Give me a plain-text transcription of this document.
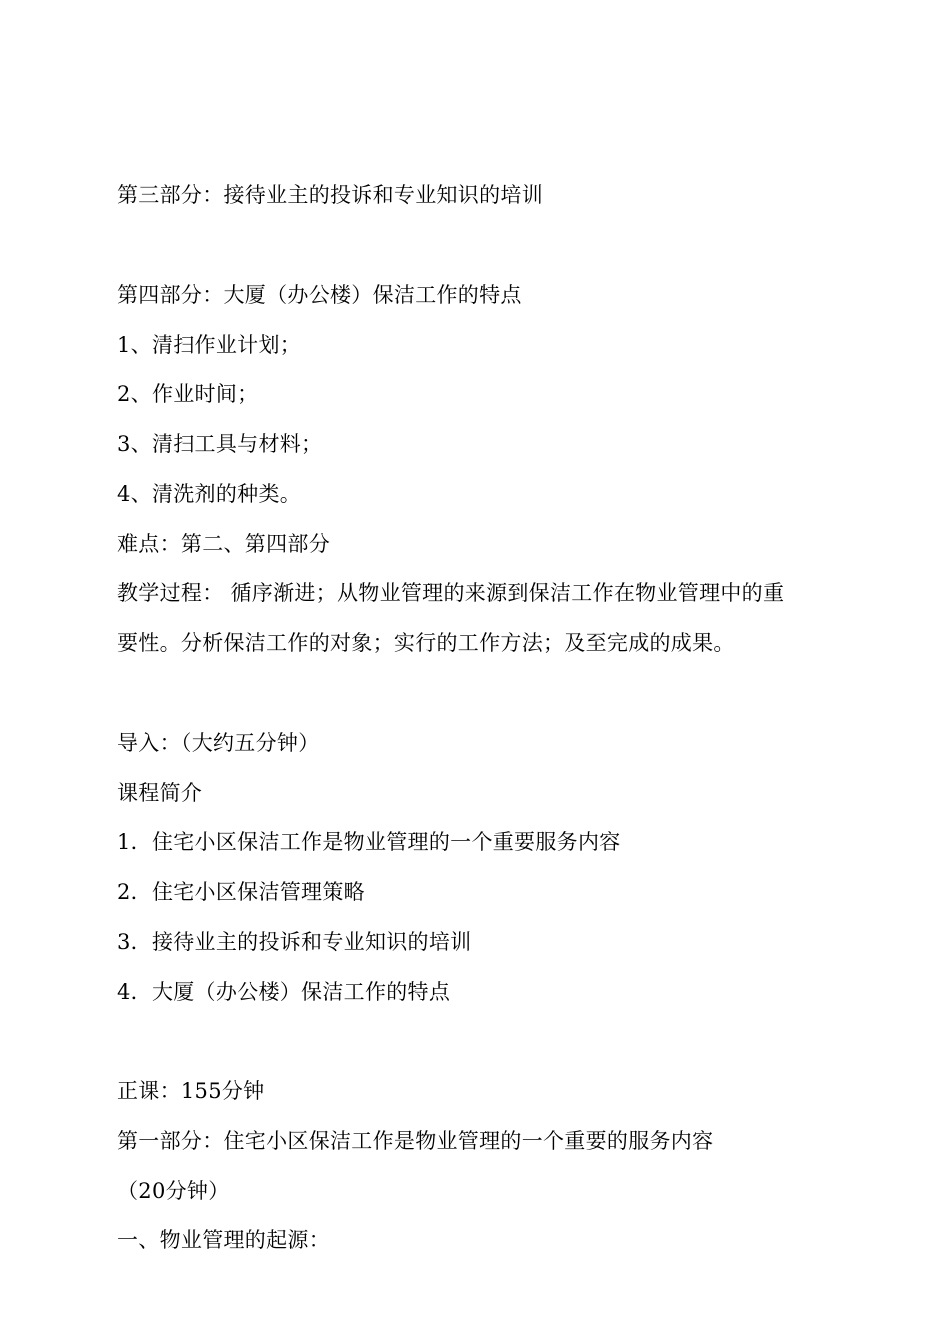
第三部分：接待业主的投诉和专业知识的培训
第四部分：大厦（办公楼）保洁工作的特点
1、清扫作业计划；
2、作业时间；
3、清扫工具与材料；
4、清洗剂的种类。
难点：第二、第四部分
教学过程： 循序渐进；从物业管理的来源到保洁工作在物业管理中的重
要性。分析保洁工作的对象；实行的工作方法；及至完成的成果。
导入：（大约五分钟）
课程简介
1．住宅小区保洁工作是物业管理的一个重要服务内容
2．住宅小区保洁管理策略
3．接待业主的投诉和专业知识的培训
4．大厦（办公楼）保洁工作的特点
正课：155分钟
第一部分：住宅小区保洁工作是物业管理的一个重要的服务内容
（20分钟）
一、物业管理的起源：
